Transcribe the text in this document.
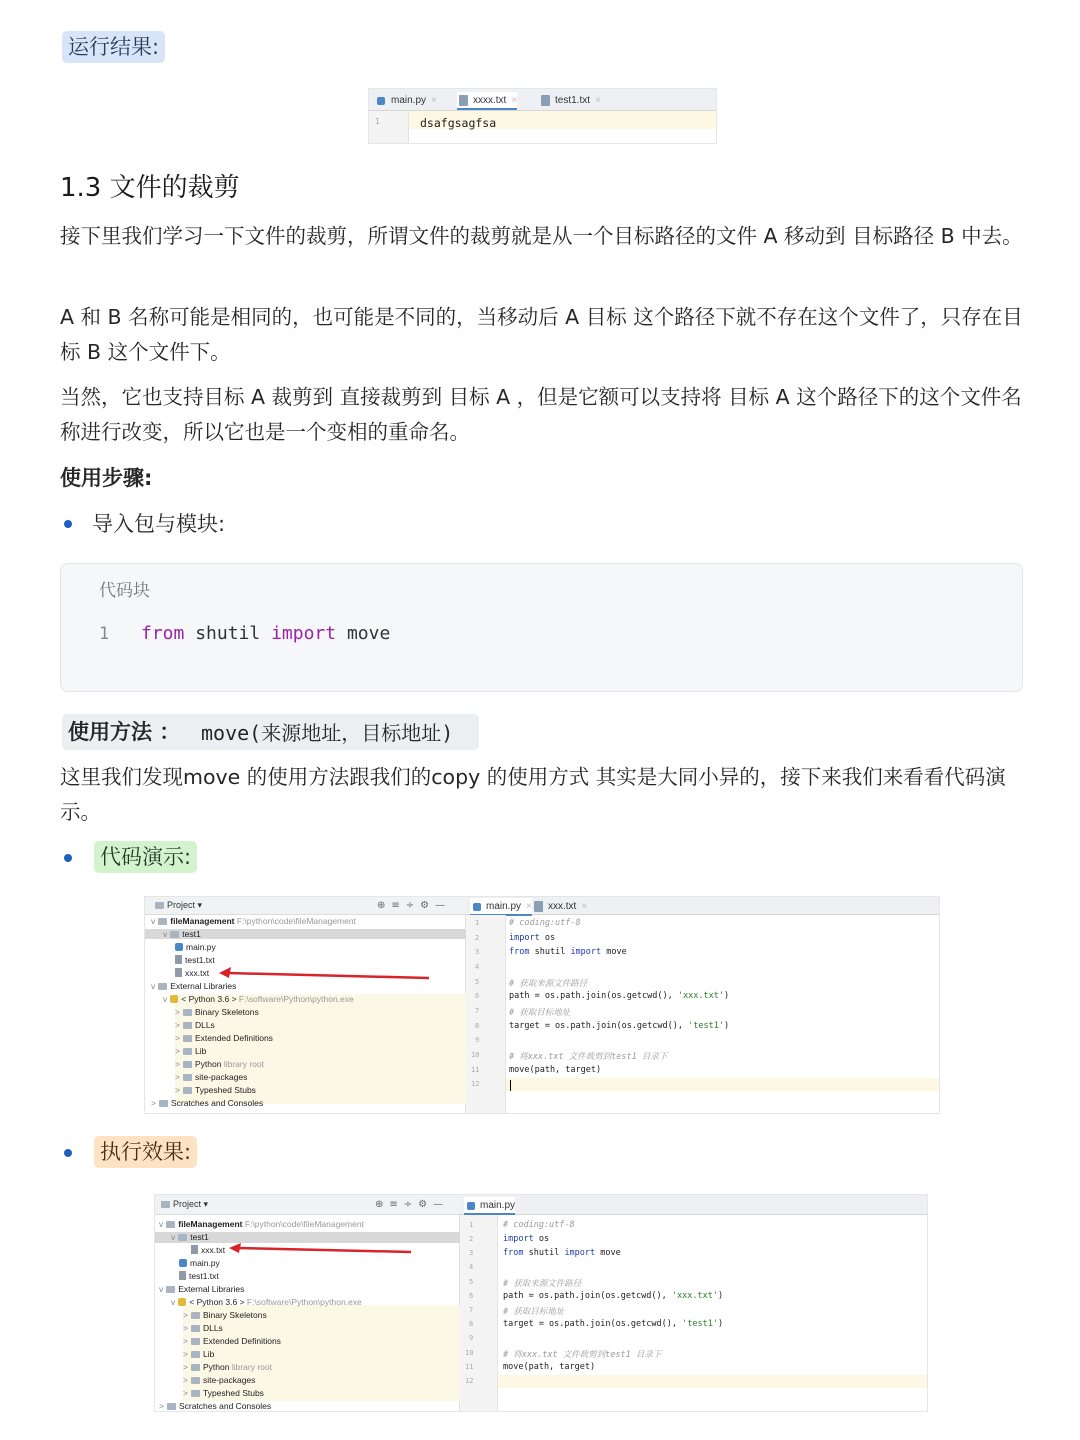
运行结果:
main.py ×	xxxx.txt ×	test1.txt ×
1	dsafgsagfsa
1.3 文件的裁剪
接下里我们学习一下文件的裁剪，所谓文件的裁剪就是从一个目标路径的文件 A 移动到 目标路径 B 中去。
A 和 B 名称可能是相同的，也可能是不同的，当移动后 A 目标 这个路径下就不存在这个文件了，只存在目标 B 这个文件下。
当然，它也支持目标 A 裁剪到 直接裁剪到 目标 A ，但是它额可以支持将 目标 A 这个路径下的这个文件名称进行改变，所以它也是一个变相的重命名。
使用步骤:
导入包与模块:
代码块
1 from shutil import move
使用方法 ： move(来源地址，目标地址)
这里我们发现move 的使用方法跟我们的copy 的使用方式 其实是大同小异的，接下来我们来看看代码演示。
代码演示:
Project ▾	⊕≡÷⚙—
v fileManagement F:\python\code\fileManagement
v test1
main.py
test1.txt
xxx.txt
v External Libraries
v < Python 3.6 > F:\software\Python\python.exe
> Binary Skeletons
> DLLs
> Extended Definitions
> Lib
> Python library root
> site-packages
> Typeshed Stubs
> Scratches and Consoles
main.py ×	xxx.txt ×
1
2
3
4
5
6
7
8
9
10
11
12
# coding:utf-8
import os
from shutil import move
# 获取来源文件路径
path = os.path.join(os.getcwd(), 'xxx.txt')
# 获取目标地址
target = os.path.join(os.getcwd(), 'test1')
# 将xxx.txt 文件裁剪到test1 目录下
move(path, target)
执行效果:
Project ▾	⊕≡÷⚙—
v fileManagement F:\python\code\fileManagement
v test1
xxx.txt
main.py
test1.txt
v External Libraries
v < Python 3.6 > F:\software\Python\python.exe
> Binary Skeletons
> DLLs
> Extended Definitions
> Lib
> Python library root
> site-packages
> Typeshed Stubs
> Scratches and Consoles
main.py
1
2
3
4
5
6
7
8
9
10
11
12
# coding:utf-8
import os
from shutil import move
# 获取来源文件路径
path = os.path.join(os.getcwd(), 'xxx.txt')
# 获取目标地址
target = os.path.join(os.getcwd(), 'test1')
# 将xxx.txt 文件裁剪到test1 目录下
move(path, target)
